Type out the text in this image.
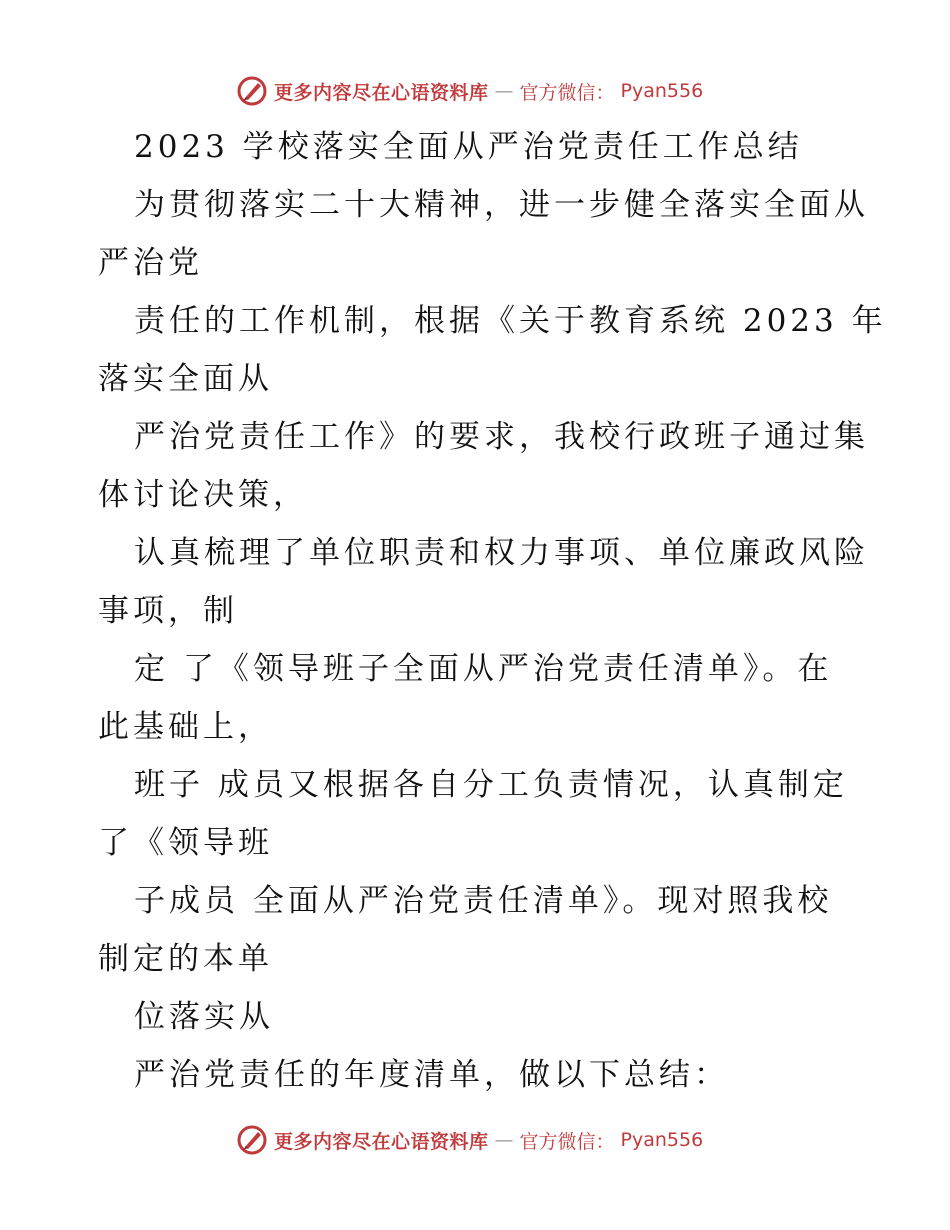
更多内容尽在心语资料库 — 官方微信： Pyan556
2023 学校落实全面从严治党责任工作总结
为贯彻落实二十大精神，进一步健全落实全面从
严治党
责任的工作机制，根据《关于教育系统 2023 年
落实全面从
严治党责任工作》的要求，我校行政班子通过集
体讨论决策，
认真梳理了单位职责和权力事项、单位廉政风险
事项，制
定 了《领导班子全面从严治党责任清单》。在
此基础上，
班子 成员又根据各自分工负责情况，认真制定
了《领导班
子成员 全面从严治党责任清单》。现对照我校
制定的本单
位落实从
严治党责任的年度清单，做以下总结：
更多内容尽在心语资料库 — 官方微信： Pyan556
